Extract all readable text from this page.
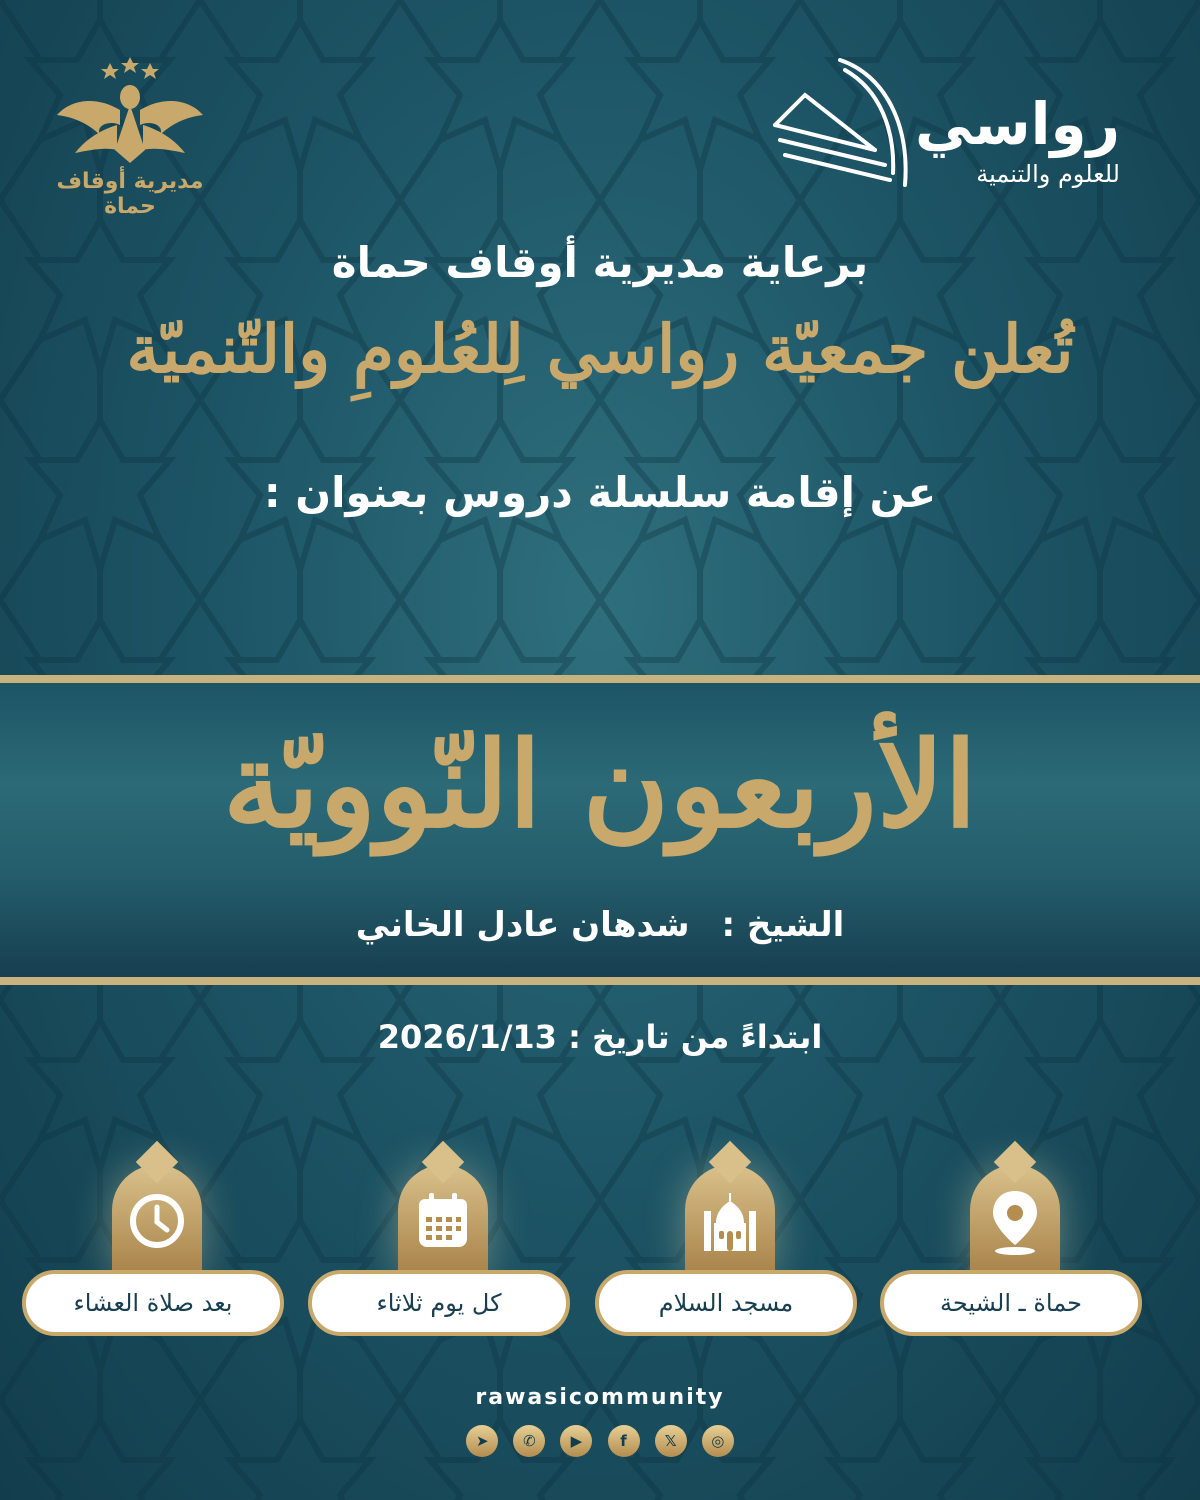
مديرية أوقاف
حماة
رواسي
للعلوم والتنمية
برعاية مديرية أوقاف حماة
تُعلن جمعيّة رواسي لِلعُلومِ والتّنميّة
عن إقامة سلسلة دروس بعنوان :
الأربعون النّوويّة
الشيخ : شدهان عادل الخاني
ابتداءً من تاريخ : 2026/1/13
حماة ـ الشيحة
مسجد السلام
كل يوم ثلاثاء
بعد صلاة العشاء
rawasicommunity
➤ ✆ ▶	f	𝕏 ◎
